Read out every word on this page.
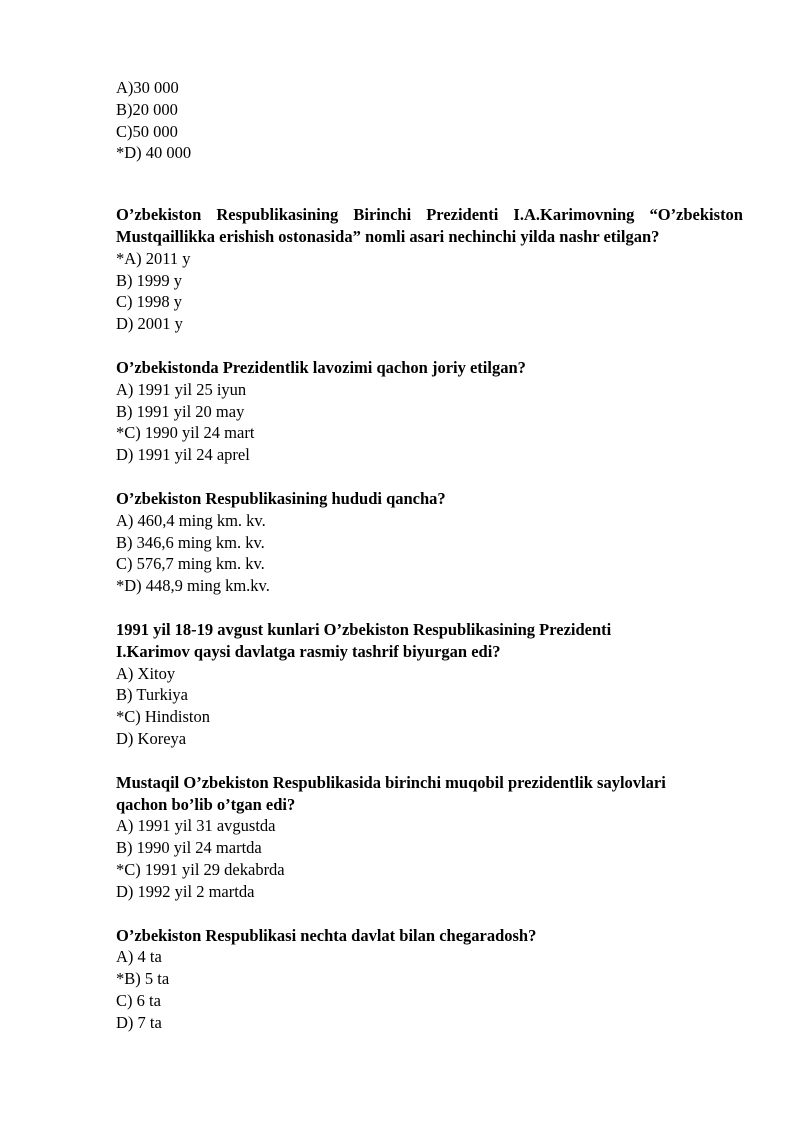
A)30 000

B)20 000

C)50 000

*D) 40 000

O’zbekiston Respublikasining Birinchi Prezidenti I.A.Karimovning “O’zbekiston Mustqaillikka erishish ostonasida” nomli asari nechinchi yilda nashr etilgan?

*A) 2011 y

B) 1999 y

C) 1998 y

D) 2001 y

O’zbekistonda Prezidentlik lavozimi qachon joriy etilgan?

A) 1991 yil 25 iyun

B) 1991 yil 20 may

*C) 1990 yil 24 mart

D) 1991 yil 24 aprel

O’zbekiston Respublikasining hududi qancha?

A) 460,4 ming km. kv.

B) 346,6 ming km. kv.

C) 576,7 ming km. kv.

*D) 448,9 ming km.kv.

1991 yil 18-19 avgust kunlari O’zbekiston Respublikasining Prezidenti

I.Karimov qaysi davlatga rasmiy tashrif biyurgan edi?

A) Xitoy

B) Turkiya

*C) Hindiston

D) Koreya

Mustaqil O’zbekiston Respublikasida birinchi muqobil prezidentlik saylovlari

qachon bo’lib o’tgan edi?

A) 1991 yil 31 avgustda

B) 1990 yil 24 martda

*C) 1991 yil 29 dekabrda

D) 1992 yil 2 martda

O’zbekiston Respublikasi nechta davlat bilan chegaradosh?

A) 4 ta

*B) 5 ta

C) 6 ta

D) 7 ta
